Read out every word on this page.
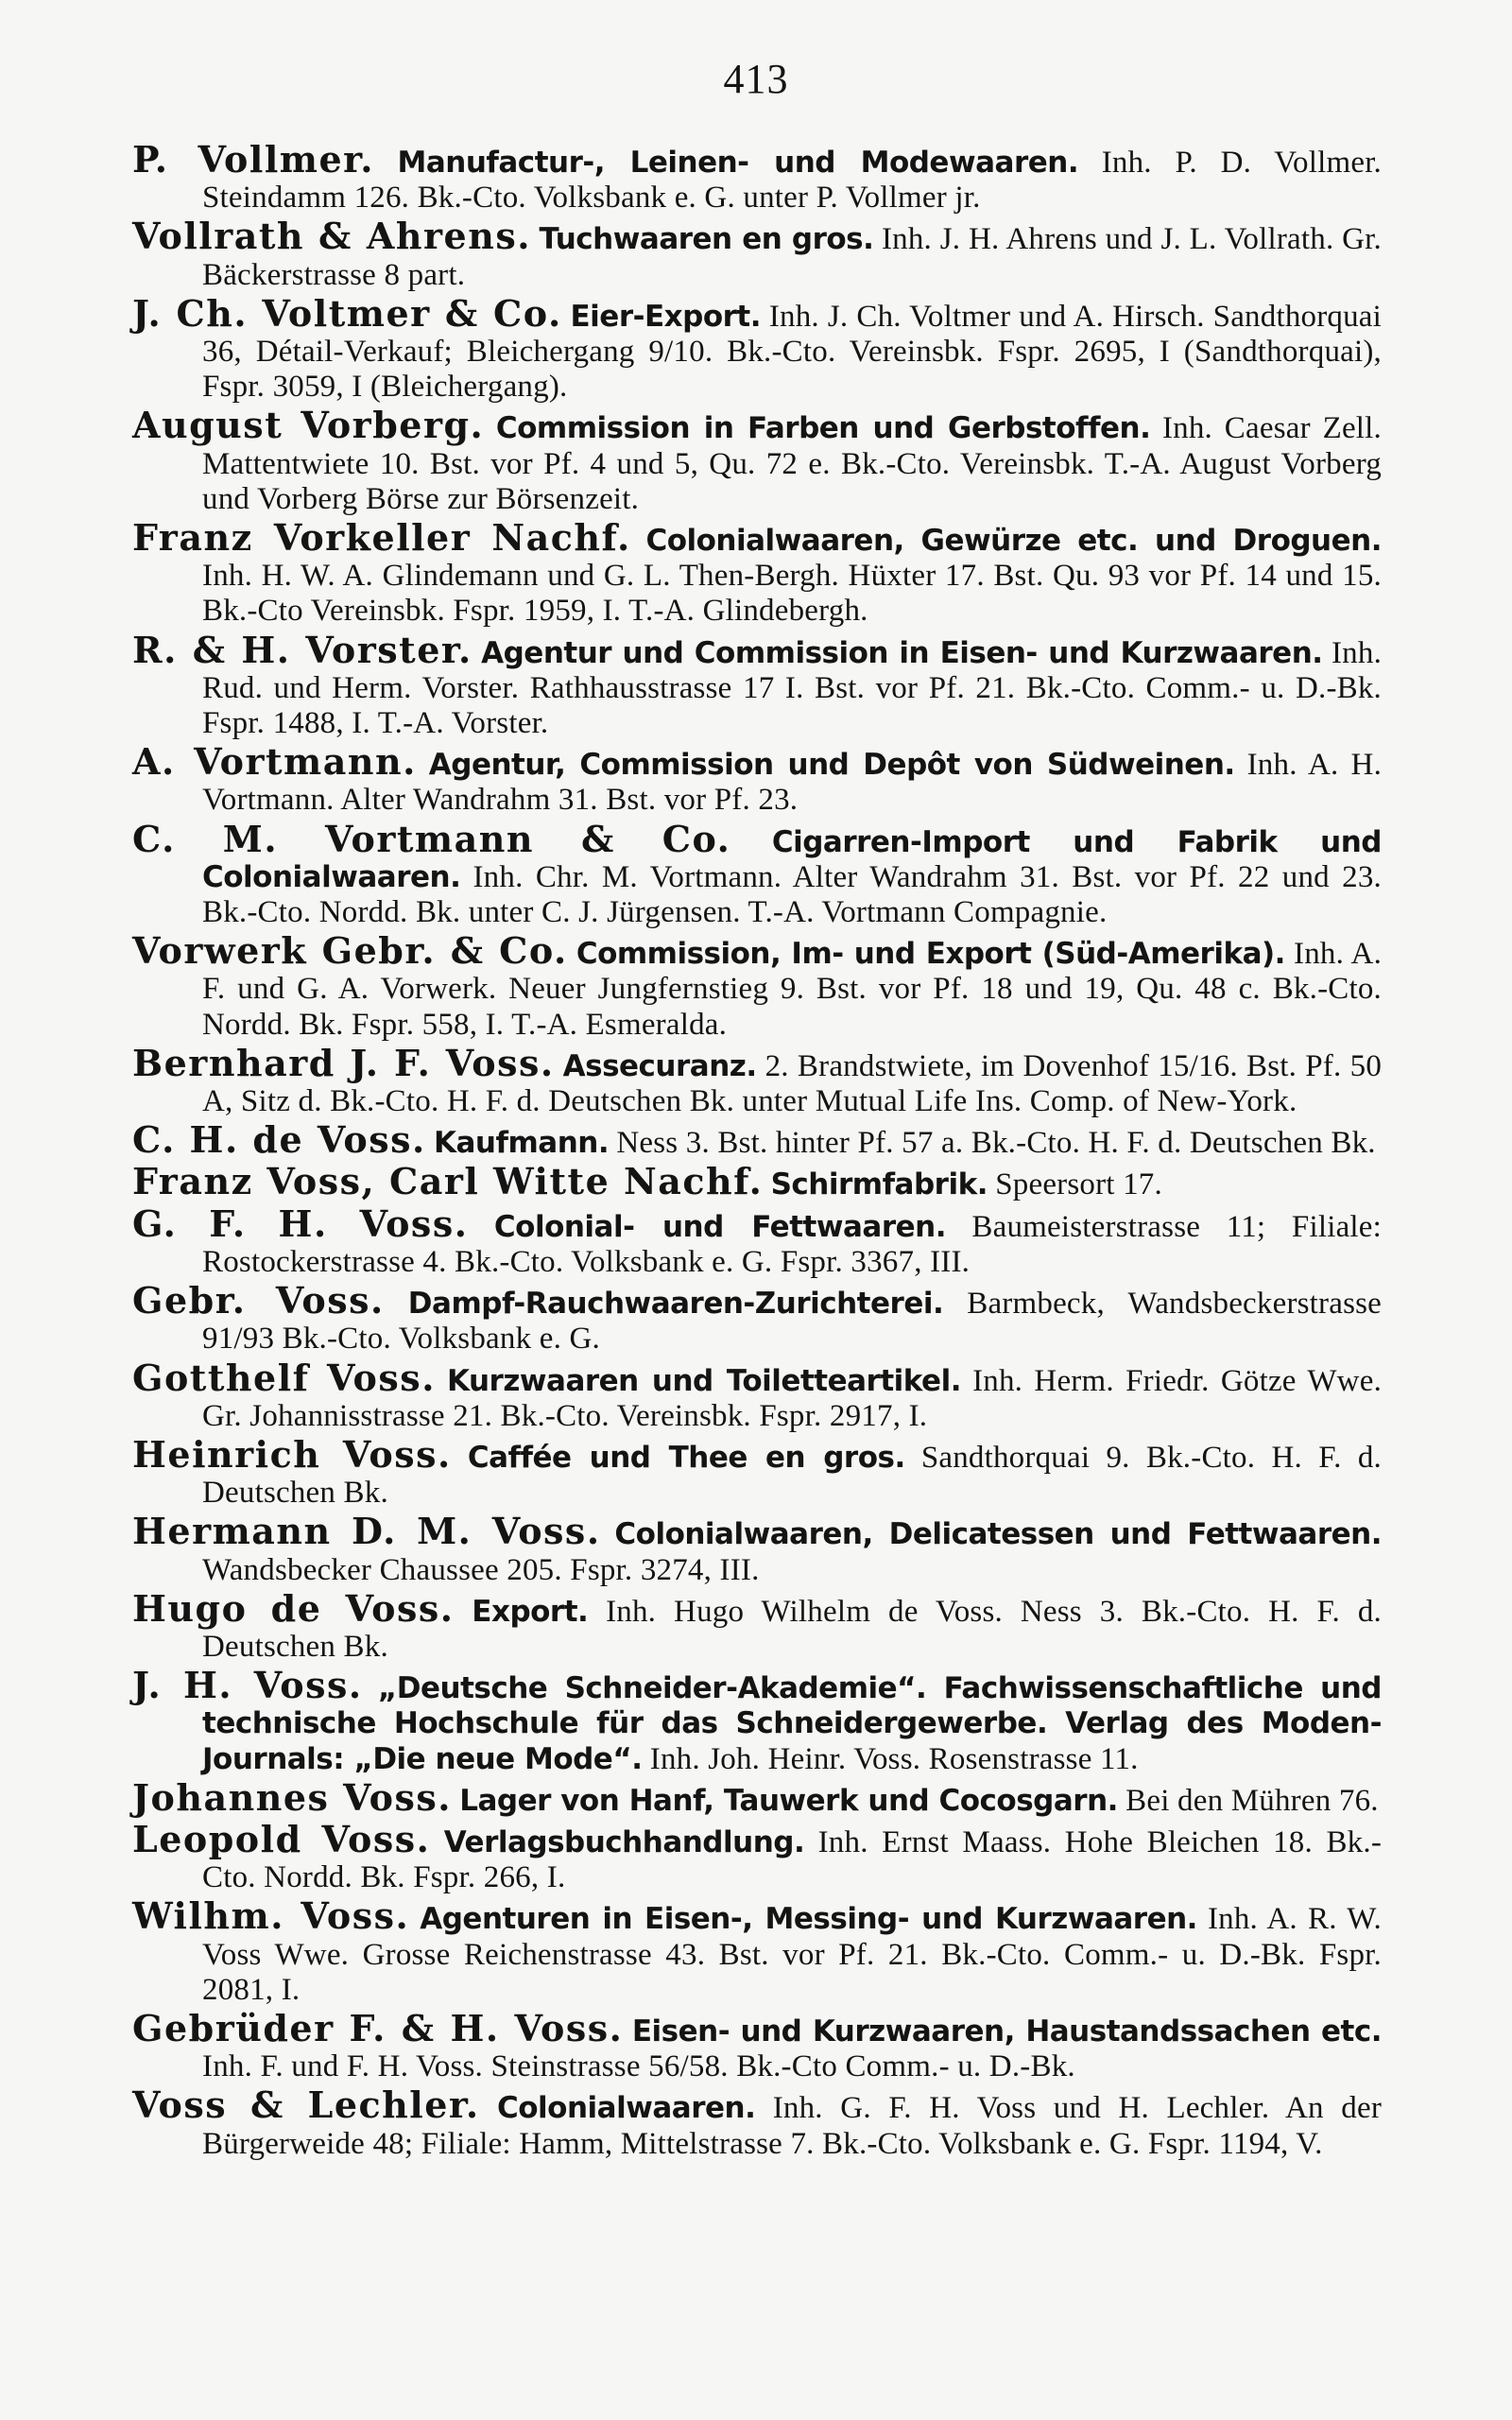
413

P. Vollmer. Manufactur-, Leinen- und Modewaaren. Inh. P. D. Vollmer. Steindamm 126. Bk.-Cto. Volksbank e. G. unter P. Vollmer jr.

Vollrath & Ahrens. Tuchwaaren en gros. Inh. J. H. Ahrens und J. L. Vollrath. Gr. Bäckerstrasse 8 part.

J. Ch. Voltmer & Co. Eier-Export. Inh. J. Ch. Voltmer und A. Hirsch. Sandthorquai 36, Détail-Verkauf; Bleichergang 9/10. Bk.-Cto. Vereinsbk. Fspr. 2695, I (Sandthorquai), Fspr. 3059, I (Bleichergang).

August Vorberg. Commission in Farben und Gerbstoffen. Inh. Caesar Zell. Mattentwiete 10. Bst. vor Pf. 4 und 5, Qu. 72 e. Bk.-Cto. Vereinsbk. T.-A. August Vorberg und Vorberg Börse zur Börsenzeit.

Franz Vorkeller Nachf. Colonialwaaren, Gewürze etc. und Droguen. Inh. H. W. A. Glindemann und G. L. Then-Bergh. Hüxter 17. Bst. Qu. 93 vor Pf. 14 und 15. Bk.-Cto Vereinsbk. Fspr. 1959, I. T.-A. Glindebergh.

R. & H. Vorster. Agentur und Commission in Eisen- und Kurzwaaren. Inh. Rud. und Herm. Vorster. Rathhausstrasse 17 I. Bst. vor Pf. 21. Bk.-Cto. Comm.- u. D.-Bk. Fspr. 1488, I. T.-A. Vorster.

A. Vortmann. Agentur, Commission und Depôt von Südweinen. Inh. A. H. Vortmann. Alter Wandrahm 31. Bst. vor Pf. 23.

C. M. Vortmann & Co. Cigarren-Import und Fabrik und Colonialwaaren. Inh. Chr. M. Vortmann. Alter Wandrahm 31. Bst. vor Pf. 22 und 23. Bk.-Cto. Nordd. Bk. unter C. J. Jürgensen. T.-A. Vortmann Compagnie.

Vorwerk Gebr. & Co. Commission, Im- und Export (Süd-Amerika). Inh. A. F. und G. A. Vorwerk. Neuer Jungfernstieg 9. Bst. vor Pf. 18 und 19, Qu. 48 c. Bk.-Cto. Nordd. Bk. Fspr. 558, I. T.-A. Esmeralda.

Bernhard J. F. Voss. Assecuranz. 2. Brandstwiete, im Dovenhof 15/16. Bst. Pf. 50 A, Sitz d. Bk.-Cto. H. F. d. Deutschen Bk. unter Mutual Life Ins. Comp. of New-York.

C. H. de Voss. Kaufmann. Ness 3. Bst. hinter Pf. 57 a. Bk.-Cto. H. F. d. Deutschen Bk.

Franz Voss, Carl Witte Nachf. Schirmfabrik. Speersort 17.

G. F. H. Voss. Colonial- und Fettwaaren. Baumeisterstrasse 11; Filiale: Rostockerstrasse 4. Bk.-Cto. Volksbank e. G. Fspr. 3367, III.

Gebr. Voss. Dampf-Rauchwaaren-Zurichterei. Barmbeck, Wandsbeckerstrasse 91/93 Bk.-Cto. Volksbank e. G.

Gotthelf Voss. Kurzwaaren und Toiletteartikel. Inh. Herm. Friedr. Götze Wwe. Gr. Johannisstrasse 21. Bk.-Cto. Vereinsbk. Fspr. 2917, I.

Heinrich Voss. Caffée und Thee en gros. Sandthorquai 9. Bk.-Cto. H. F. d. Deutschen Bk.

Hermann D. M. Voss. Colonialwaaren, Delicatessen und Fettwaaren. Wandsbecker Chaussee 205. Fspr. 3274, III.

Hugo de Voss. Export. Inh. Hugo Wilhelm de Voss. Ness 3. Bk.-Cto. H. F. d. Deutschen Bk.

J. H. Voss. „Deutsche Schneider-Akademie“. Fachwissenschaftliche und technische Hochschule für das Schneidergewerbe. Verlag des Moden-Journals: „Die neue Mode“. Inh. Joh. Heinr. Voss. Rosenstrasse 11.

Johannes Voss. Lager von Hanf, Tauwerk und Cocosgarn. Bei den Mühren 76.

Leopold Voss. Verlagsbuchhandlung. Inh. Ernst Maass. Hohe Bleichen 18. Bk.-Cto. Nordd. Bk. Fspr. 266, I.

Wilhm. Voss. Agenturen in Eisen-, Messing- und Kurzwaaren. Inh. A. R. W. Voss Wwe. Grosse Reichenstrasse 43. Bst. vor Pf. 21. Bk.-Cto. Comm.- u. D.-Bk. Fspr. 2081, I.

Gebrüder F. & H. Voss. Eisen- und Kurzwaaren, Haustandssachen etc. Inh. F. und F. H. Voss. Steinstrasse 56/58. Bk.-Cto Comm.- u. D.-Bk.

Voss & Lechler. Colonialwaaren. Inh. G. F. H. Voss und H. Lechler. An der Bürgerweide 48; Filiale: Hamm, Mittelstrasse 7. Bk.-Cto. Volksbank e. G. Fspr. 1194, V.
